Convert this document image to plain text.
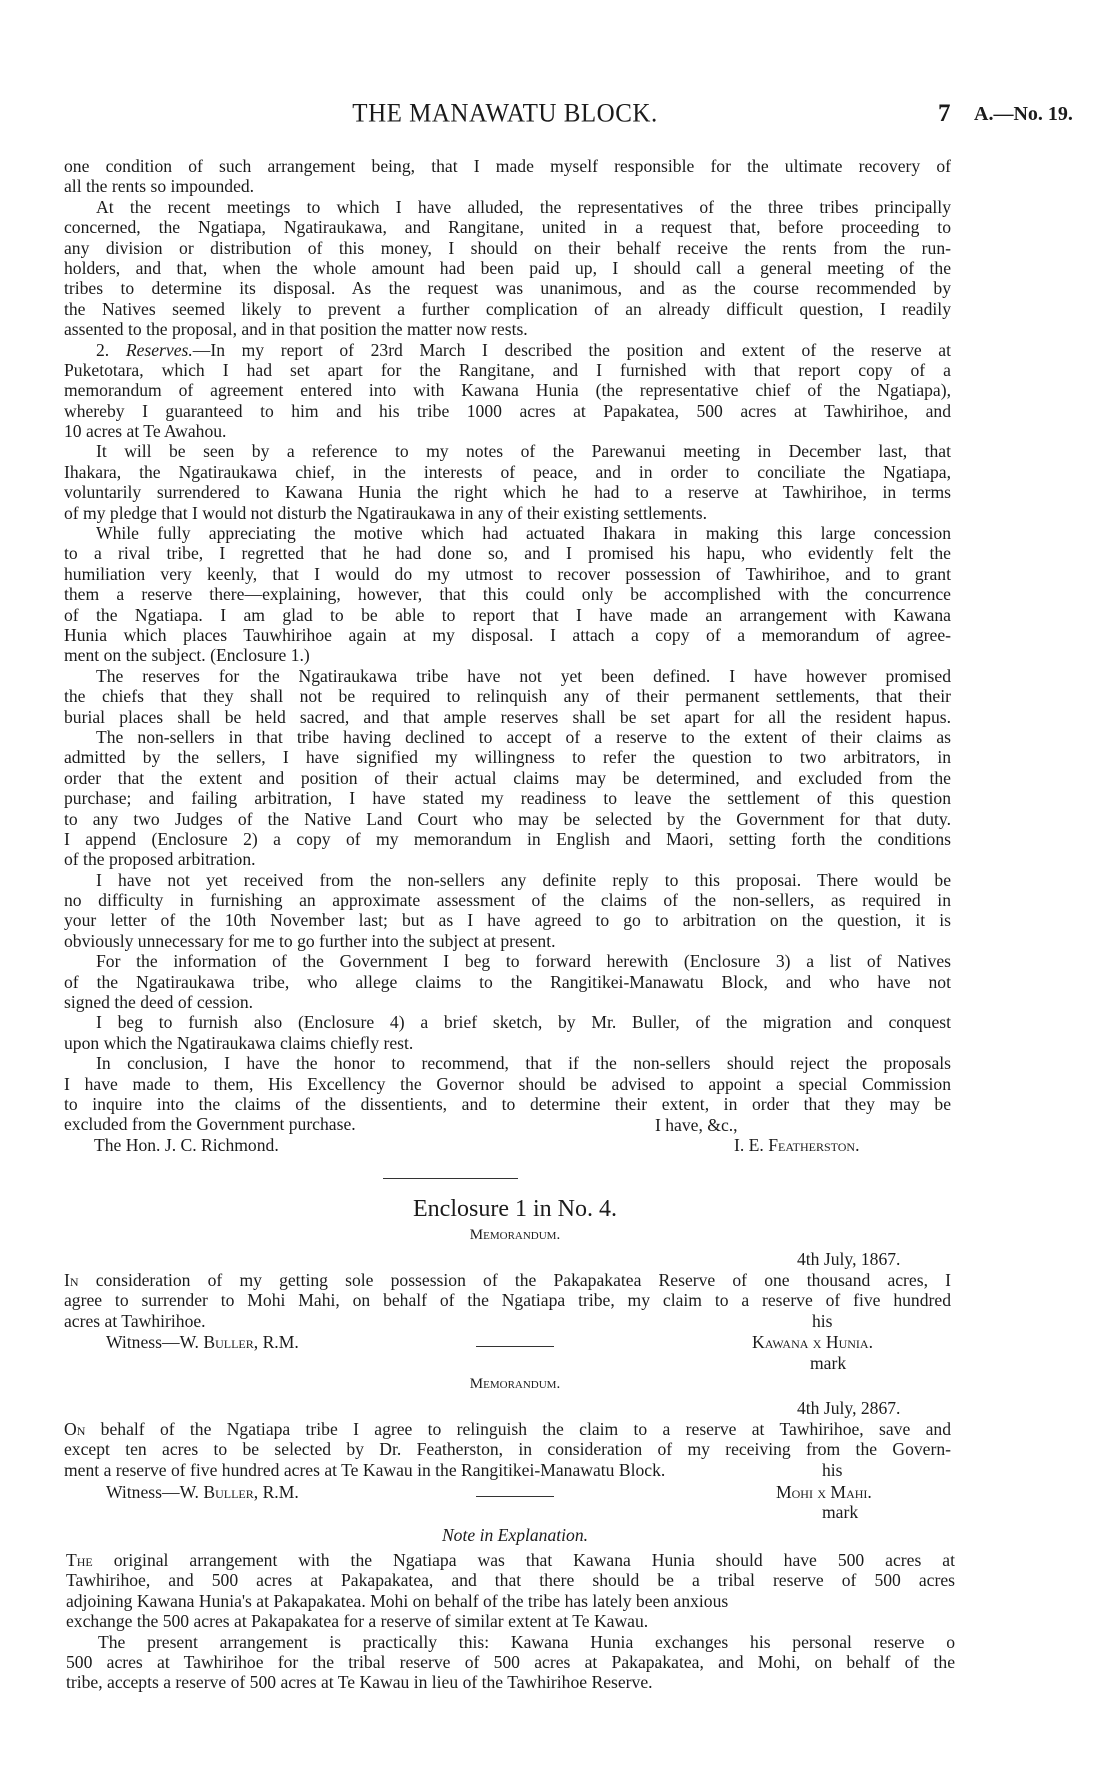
THE MANAWATU BLOCK.	7 A.—No. 19.
one condition of such arrangement being, that I made myself responsible for the ultimate recovery of
all the rents so impounded.
At the recent meetings to which I have alluded, the representatives of the three tribes principally
concerned, the Ngatiapa, Ngatiraukawa, and Rangitane, united in a request that, before proceeding to
any division or distribution of this money, I should on their behalf receive the rents from the run-
holders, and that, when the whole amount had been paid up, I should call a general meeting of the
tribes to determine its disposal. As the request was unanimous, and as the course recommended by
the Natives seemed likely to prevent a further complication of an already difficult question, I readily
assented to the proposal, and in that position the matter now rests.
2. Reserves.—In my report of 23rd March I described the position and extent of the reserve at
Puketotara, which I had set apart for the Rangitane, and I furnished with that report copy of a
memorandum of agreement entered into with Kawana Hunia (the representative chief of the Ngatiapa),
whereby I guaranteed to him and his tribe 1000 acres at Papakatea, 500 acres at Tawhirihoe, and
10 acres at Te Awahou.
It will be seen by a reference to my notes of the Parewanui meeting in December last, that
Ihakara, the Ngatiraukawa chief, in the interests of peace, and in order to conciliate the Ngatiapa,
voluntarily surrendered to Kawana Hunia the right which he had to a reserve at Tawhirihoe, in terms
of my pledge that I would not disturb the Ngatiraukawa in any of their existing settlements.
While fully appreciating the motive which had actuated Ihakara in making this large concession
to a rival tribe, I regretted that he had done so, and I promised his hapu, who evidently felt the
humiliation very keenly, that I would do my utmost to recover possession of Tawhirihoe, and to grant
them a reserve there—explaining, however, that this could only be accomplished with the concurrence
of the Ngatiapa. I am glad to be able to report that I have made an arrangement with Kawana
Hunia which places Tauwhirihoe again at my disposal. I attach a copy of a memorandum of agree-
ment on the subject. (Enclosure 1.)
The reserves for the Ngatiraukawa tribe have not yet been defined. I have however promised
the chiefs that they shall not be required to relinquish any of their permanent settlements, that their
burial places shall be held sacred, and that ample reserves shall be set apart for all the resident hapus.
The non-sellers in that tribe having declined to accept of a reserve to the extent of their claims as
admitted by the sellers, I have signified my willingness to refer the question to two arbitrators, in
order that the extent and position of their actual claims may be determined, and excluded from the
purchase; and failing arbitration, I have stated my readiness to leave the settlement of this question
to any two Judges of the Native Land Court who may be selected by the Government for that duty.
I append (Enclosure 2) a copy of my memorandum in English and Maori, setting forth the conditions
of the proposed arbitration.
I have not yet received from the non-sellers any definite reply to this proposai. There would be
no difficulty in furnishing an approximate assessment of the claims of the non-sellers, as required in
your letter of the 10th November last; but as I have agreed to go to arbitration on the question, it is
obviously unnecessary for me to go further into the subject at present.
For the information of the Government I beg to forward herewith (Enclosure 3) a list of Natives
of the Ngatiraukawa tribe, who allege claims to the Rangitikei-Manawatu Block, and who have not
signed the deed of cession.
I beg to furnish also (Enclosure 4) a brief sketch, by Mr. Buller, of the migration and conquest
upon which the Ngatiraukawa claims chiefly rest.
In conclusion, I have the honor to recommend, that if the non-sellers should reject the proposals
I have made to them, His Excellency the Governor should be advised to appoint a special Commission
to inquire into the claims of the dissentients, and to determine their extent, in order that they may be
excluded from the Government purchase.	I have, &c.,
The Hon. J. C. Richmond.	I. E. Featherston.
Enclosure 1 in No. 4.
Memorandum.
4th July, 1867.
In consideration of my getting sole possession of the Pakapakatea Reserve of one thousand acres, I
agree to surrender to Mohi Mahi, on behalf of the Ngatiapa tribe, my claim to a reserve of five hundred
acres at Tawhirihoe.	his
Witness—W. Buller, R.M.	Kawana x Hunia.
mark
Memorandum.
4th July, 2867.
On behalf of the Ngatiapa tribe I agree to relinguish the claim to a reserve at Tawhirihoe, save and
except ten acres to be selected by Dr. Featherston, in consideration of my receiving from the Govern-
ment a reserve of five hundred acres at Te Kawau in the Rangitikei-Manawatu Block.	his
Witness—W. Buller, R.M.	Mohi x Mahi.
mark
Note in Explanation.
The original arrangement with the Ngatiapa was that Kawana Hunia should have 500 acres at
Tawhirihoe, and 500 acres at Pakapakatea, and that there should be a tribal reserve of 500 acres
adjoining Kawana Hunia's at Pakapakatea. Mohi on behalf of the tribe has lately been anxious
exchange the 500 acres at Pakapakatea for a reserve of similar extent at Te Kawau.
The present arrangement is practically this: Kawana Hunia exchanges his personal reserve o
500 acres at Tawhirihoe for the tribal reserve of 500 acres at Pakapakatea, and Mohi, on behalf of the
tribe, accepts a reserve of 500 acres at Te Kawau in lieu of the Tawhirihoe Reserve.
